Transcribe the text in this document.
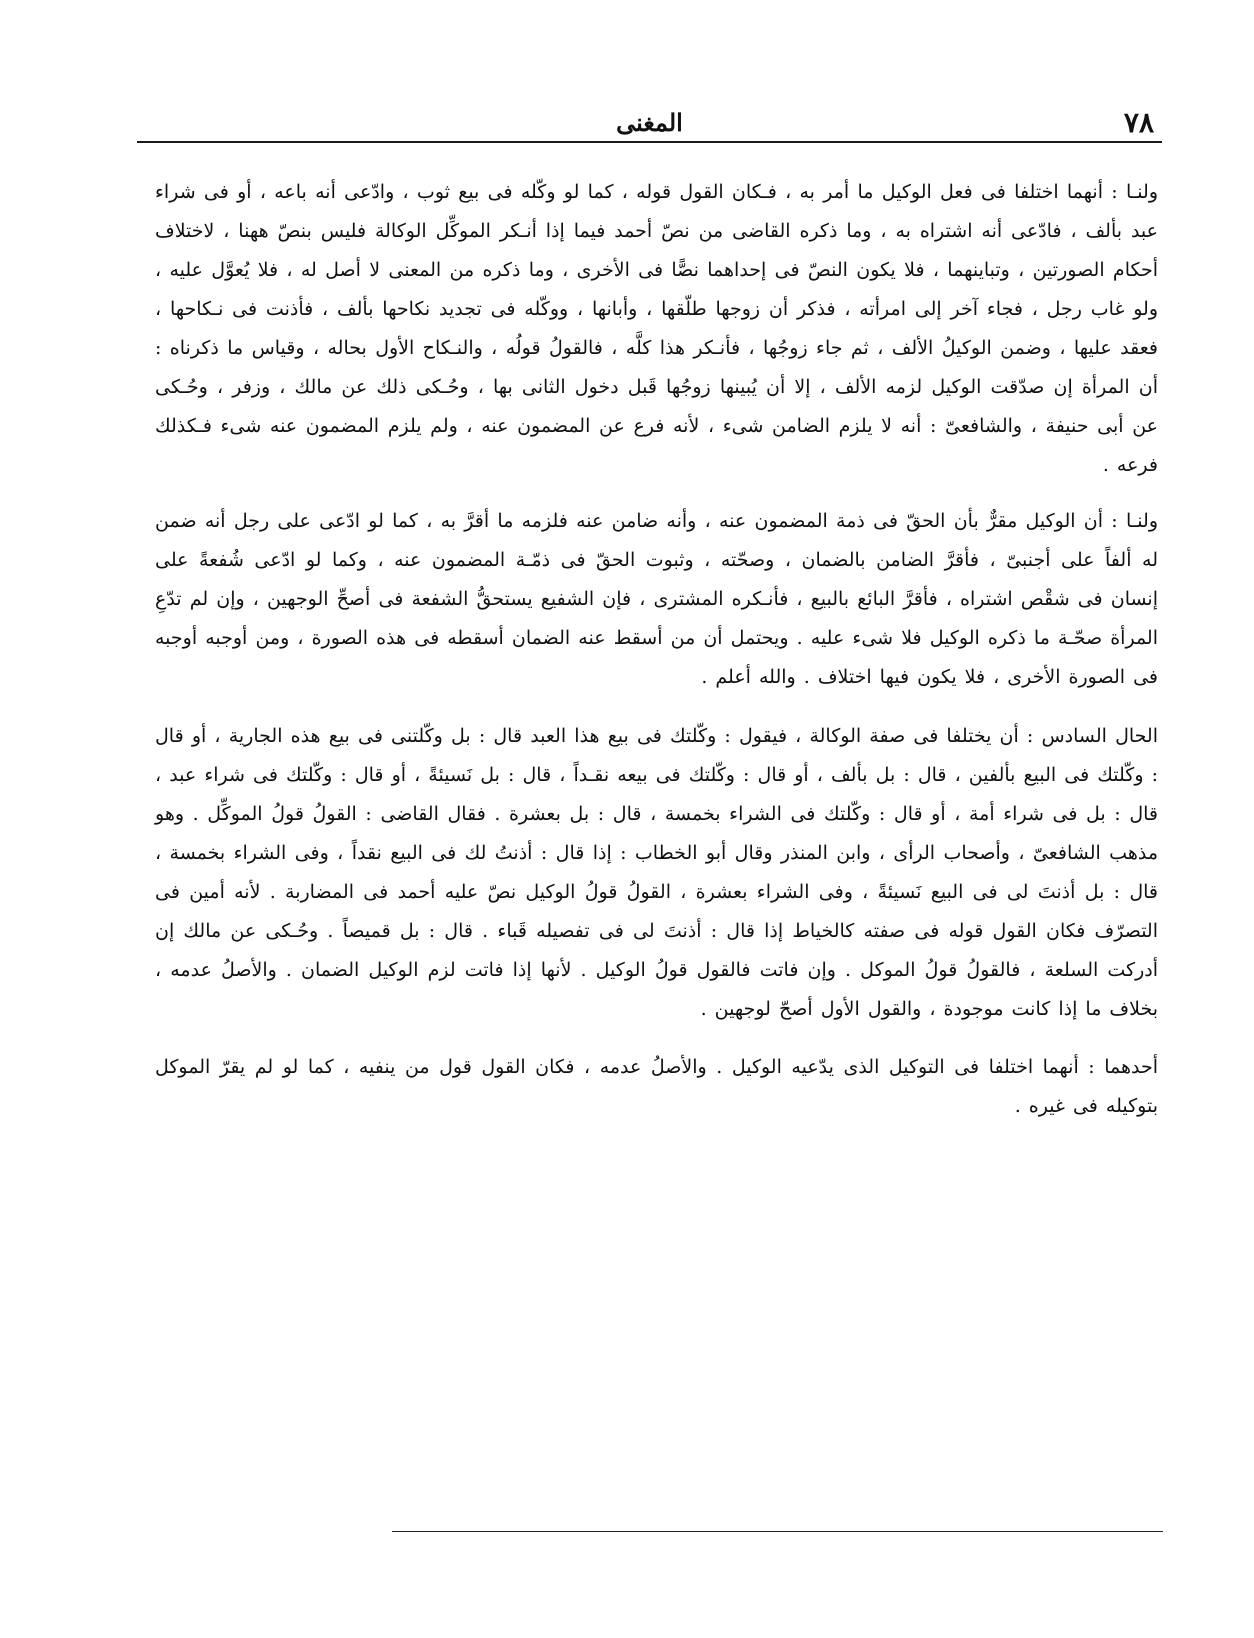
٧٨
المغنى

ولنـا : أنهما اختلفا فى فعل الوكيل ما أمر به ، فـكان القول قوله ، كما لو وكّله فى بيع ثوب ، وادّعى أنه باعه ، أو فى شراء عبد بألف ، فادّعى أنه اشتراه به ، وما ذكره القاضى من نصّ أحمد فيما إذا أنـكر الموكِّل الوكالة فليس بنصّ ههنا ، لاختلاف أحكام الصورتين ، وتباينهما ، فلا يكون النصّ فى إحداهما نصًّا فى الأخرى ، وما ذكره من المعنى لا أصل له ، فلا يُعوَّل عليه ، ولو غاب رجل ، فجاء آخر إلى امرأته ، فذكر أن زوجها طلّقها ، وأبانها ، ووكّله فى تجديد نكاحها بألف ، فأذنت فى نـكاحها ، فعقد عليها ، وضمن الوكيلُ الألف ، ثم جاء زوجُها ، فأنـكر هذا كلَّه ، فالقولُ قولُه ، والنـكاح الأول بحاله ، وقياس ما ذكرناه : أن المرأة إن صدّقت الوكيل لزمه الألف ، إلا أن يُبينها زوجُها قَبل دخول الثانى بها ، وحُـكى ذلك عن مالك ، وزفر ، وحُـكى عن أبى حنيفة ، والشافعىّ : أنه لا يلزم الضامن شىء ، لأنه فرع عن المضمون عنه ، ولم يلزم المضمون عنه شىء فـكذلك فرعه .

ولنـا : أن الوكيل مقرٌّ بأن الحقّ فى ذمة المضمون عنه ، وأنه ضامن عنه فلزمه ما أقرَّ به ، كما لو ادّعى على رجل أنه ضمن له ألفاً على أجنبىّ ، فأقرَّ الضامن بالضمان ، وصحّته ، وثبوت الحقّ فى ذمّـة المضمون عنه ، وكما لو ادّعى شُفعةً على إنسان فى شقْص اشتراه ، فأقرَّ البائع بالبيع ، فأنـكره المشترى ، فإن الشفيع يستحقُّ الشفعة فى أصحِّ الوجهين ، وإن لم تدّعِ المرأة صحّـة ما ذكره الوكيل فلا شىء عليه . ويحتمل أن من أسقط عنه الضمان أسقطه فى هذه الصورة ، ومن أوجبه أوجبه فى الصورة الأخرى ، فلا يكون فيها اختلاف . والله أعلم .

الحال السادس : أن يختلفا فى صفة الوكالة ، فيقول : وكّلتك فى بيع هذا العبد قال : بل وكّلتنى فى بيع هذه الجارية ، أو قال : وكّلتك فى البيع بألفين ، قال : بل بألف ، أو قال : وكّلتك فى بيعه نقـداً ، قال : بل نَسيئةً ، أو قال : وكّلتك فى شراء عبد ، قال : بل فى شراء أمة ، أو قال : وكّلتك فى الشراء بخمسة ، قال : بل بعشرة . فقال القاضى : القولُ قولُ الموكِّل . وهو مذهب الشافعىّ ، وأصحاب الرأى ، وابن المنذر وقال أبو الخطاب : إذا قال : أذنتُ لك فى البيع نقداً ، وفى الشراء بخمسة ، قال : بل أذنتَ لى فى البيع نَسيئةً ، وفى الشراء بعشرة ، القولُ قولُ الوكيل نصّ عليه أحمد فى المضاربة . لأنه أمين فى التصرّف فكان القول قوله فى صفته كالخياط إذا قال : أذنتَ لى فى تفصيله قَباء . قال : بل قميصاً . وحُـكى عن مالك إن أدركت السلعة ، فالقولُ قولُ الموكل . وإن فاتت فالقول قولُ الوكيل . لأنها إذا فاتت لزم الوكيل الضمان . والأصلُ عدمه ، بخلاف ما إذا كانت موجودة ، والقول الأول أصحّ لوجهين .

أحدهما : أنهما اختلفا فى التوكيل الذى يدّعيه الوكيل . والأصلُ عدمه ، فكان القول قول من ينفيه ، كما لو لم يقرّ الموكل بتوكيله فى غيره .
